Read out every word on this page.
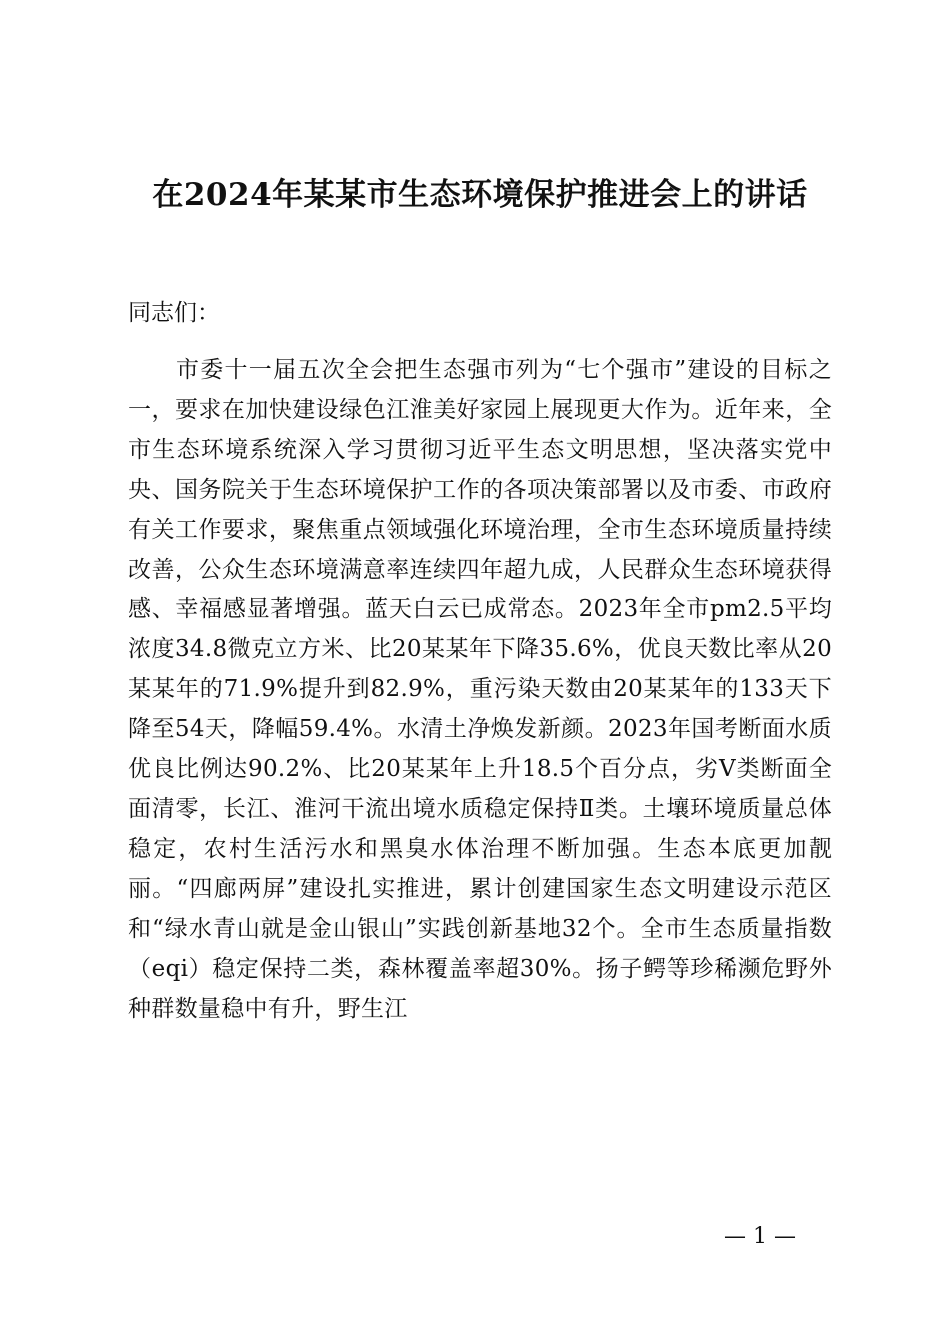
在2024年某某市生态环境保护推进会上的讲话

同志们：

市委十一届五次全会把生态强市列为“七个强市”建设的目标之一，要求在加快建设绿色江淮美好家园上展现更大作为。近年来，全市生态环境系统深入学习贯彻习近平生态文明思想，坚决落实党中央、国务院关于生态环境保护工作的各项决策部署以及市委、市政府有关工作要求，聚焦重点领域强化环境治理，全市生态环境质量持续改善，公众生态环境满意率连续四年超九成，人民群众生态环境获得感、幸福感显著增强。蓝天白云已成常态。2023年全市pm2.5平均浓度34.8微克立方米、比20某某年下降35.6%，优良天数比率从20某某年的71.9%提升到82.9%，重污染天数由20某某年的133天下降至54天，降幅59.4%。水清土净焕发新颜。2023年国考断面水质优良比例达90.2%、比20某某年上升18.5个百分点，劣Ⅴ类断面全面清零，长江、淮河干流出境水质稳定保持Ⅱ类。土壤环境质量总体稳定，农村生活污水和黑臭水体治理不断加强。生态本底更加靓丽。“四廊两屏”建设扎实推进，累计创建国家生态文明建设示范区和“绿水青山就是金山银山”实践创新基地32个。全市生态质量指数（eqi）稳定保持二类，森林覆盖率超30%。扬子鳄等珍稀濒危野外种群数量稳中有升，野生江

— 1 —
